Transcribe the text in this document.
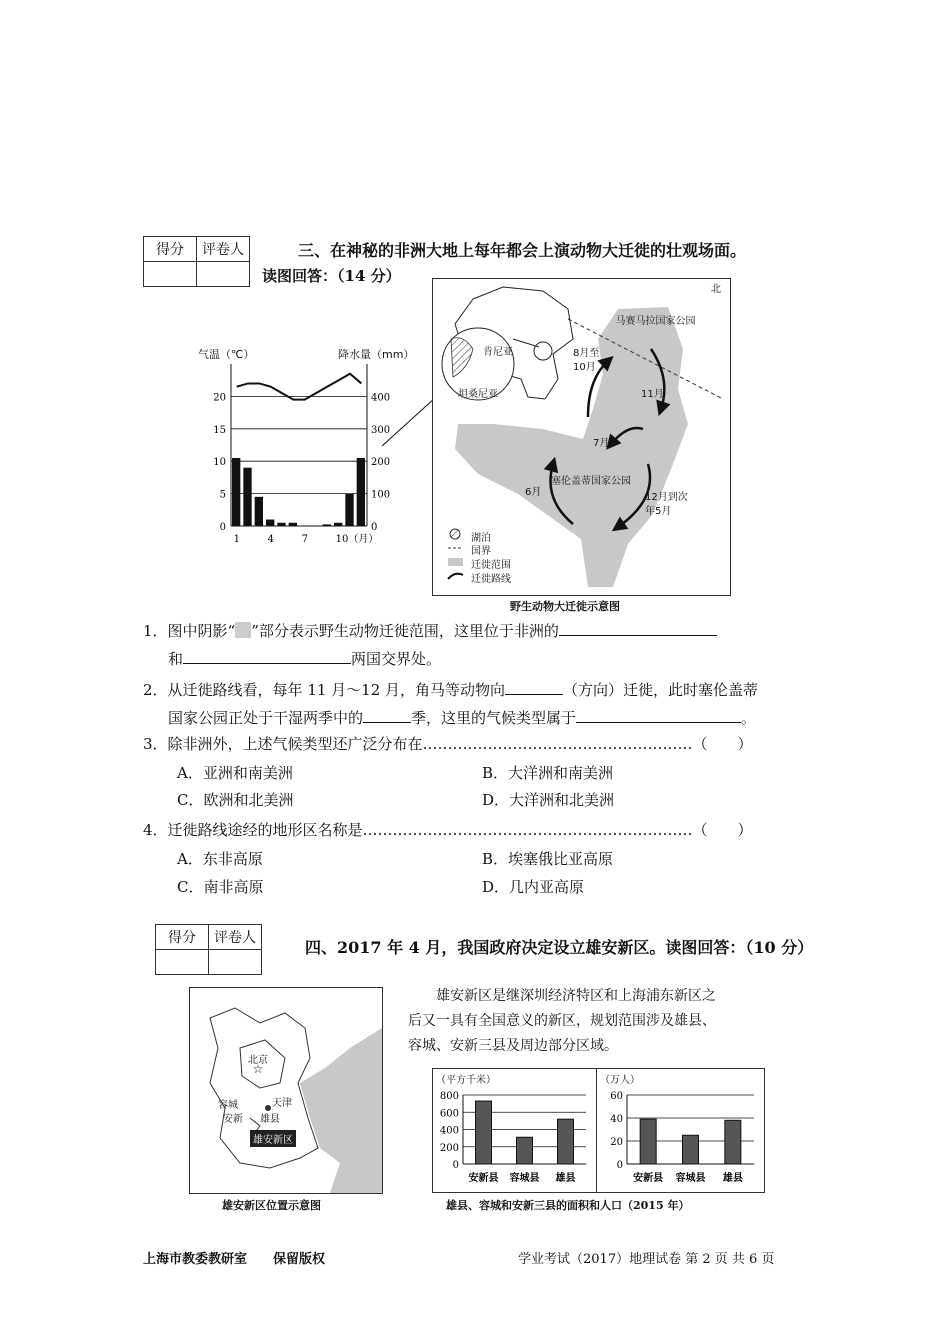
得分	评卷人
		三、在神秘的非洲大地上每年都会上演动物大迁徙的壮观场面。
读图回答：（14 分）
气温（℃）	降水量（mm）
20	400
15	300
10	200
5	100
0	0
1	4	7	10（月）
北
肯尼亚
坦桑尼亚
马赛马拉国家公园
塞伦盖蒂国家公园
8月至10月
11月
7月
6月	12月到次年5月
湖泊
国界
迁徙范围
迁徙路线
野生动物大迁徙示意图
1．图中阴影“ ”部分表示野生动物迁徙范围，这里位于非洲的
和	两国交界处。
2．从迁徙路线看，每年 11 月～12 月，角马等动物向	（方向）迁徙，此时塞伦盖蒂
国家公园正处于干湿两季中的	季，这里的气候类型属于	。
3．除非洲外，上述气候类型还广泛分布在………………………………………………（　　）
A．亚洲和南美洲	B．大洋洲和南美洲
C．欧洲和北美洲	D．大洋洲和北美洲
4．迁徙路线途经的地形区名称是…………………………………………………………（　　）
A．东非高原	B．埃塞俄比亚高原
C．南非高原	D．几内亚高原
得分	评卷人
		四、2017 年 4 月，我国政府决定设立雄安新区。读图回答：（10 分）
☆
北京
天津
容城
安新 雄县
雄安新区
雄安新区位置示意图
雄安新区是继深圳经济特区和上海浦东新区之
后又一具有全国意义的新区，规划范围涉及雄县、
容城、安新三县及周边部分区域。
（平方千米）
800
600
400
200
0
安新县 容城县 雄县
（万人）
60
40
20
0
安新县 容城县 雄县
雄县、容城和安新三县的面积和人口（2015 年）
上海市教委教研室　　保留版权	学业考试（2017）地理试卷 第 2 页 共 6 页
